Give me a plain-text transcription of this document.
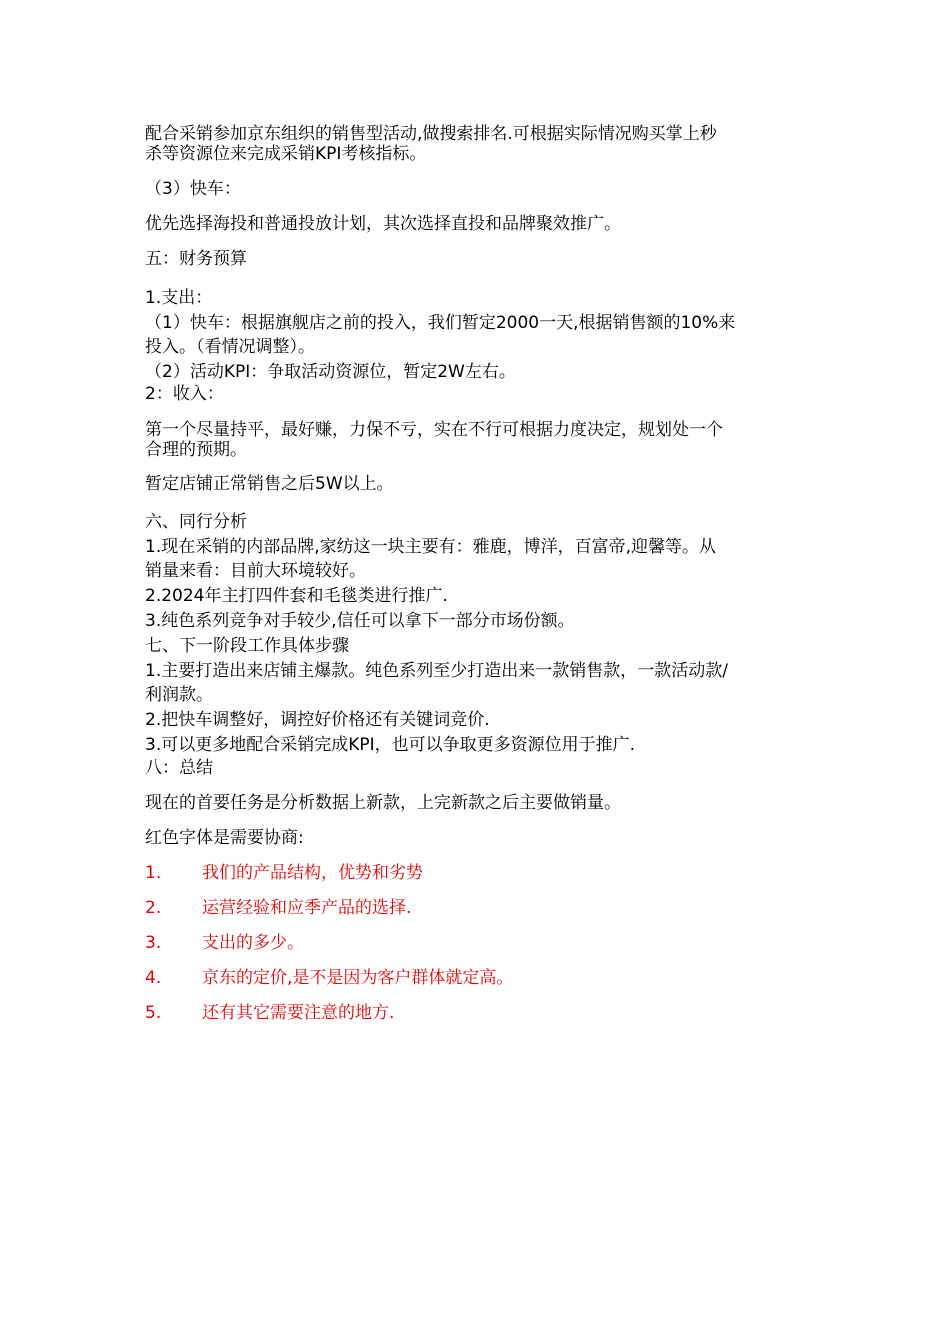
配合采销参加京东组织的销售型活动,做搜索排名.可根据实际情况购买掌上秒
杀等资源位来完成采销KPI考核指标。
（3）快车：
优先选择海投和普通投放计划，其次选择直投和品牌聚效推广。
五：财务预算
1.支出：
（1）快车：根据旗舰店之前的投入，我们暂定2000一天,根据销售额的10%来
投入。（看情况调整）。
（2）活动KPI：争取活动资源位，暂定2W左右。
2：收入：
第一个尽量持平，最好赚，力保不亏，实在不行可根据力度决定，规划处一个
合理的预期。
暂定店铺正常销售之后5W以上。
六、同行分析
1.现在采销的内部品牌,家纺这一块主要有：雅鹿，博洋，百富帝,迎馨等。从
销量来看：目前大环境较好。
2.2024年主打四件套和毛毯类进行推广.
3.纯色系列竞争对手较少,信任可以拿下一部分市场份额。
七、下一阶段工作具体步骤
1.主要打造出来店铺主爆款。纯色系列至少打造出来一款销售款，一款活动款/
利润款。
2.把快车调整好，调控好价格还有关键词竞价.
3.可以更多地配合采销完成KPI，也可以争取更多资源位用于推广.
八：总结
现在的首要任务是分析数据上新款，上完新款之后主要做销量。
红色字体是需要协商:
1. 我们的产品结构，优势和劣势
2. 运营经验和应季产品的选择.
3. 支出的多少。
4. 京东的定价,是不是因为客户群体就定高。
5. 还有其它需要注意的地方.
